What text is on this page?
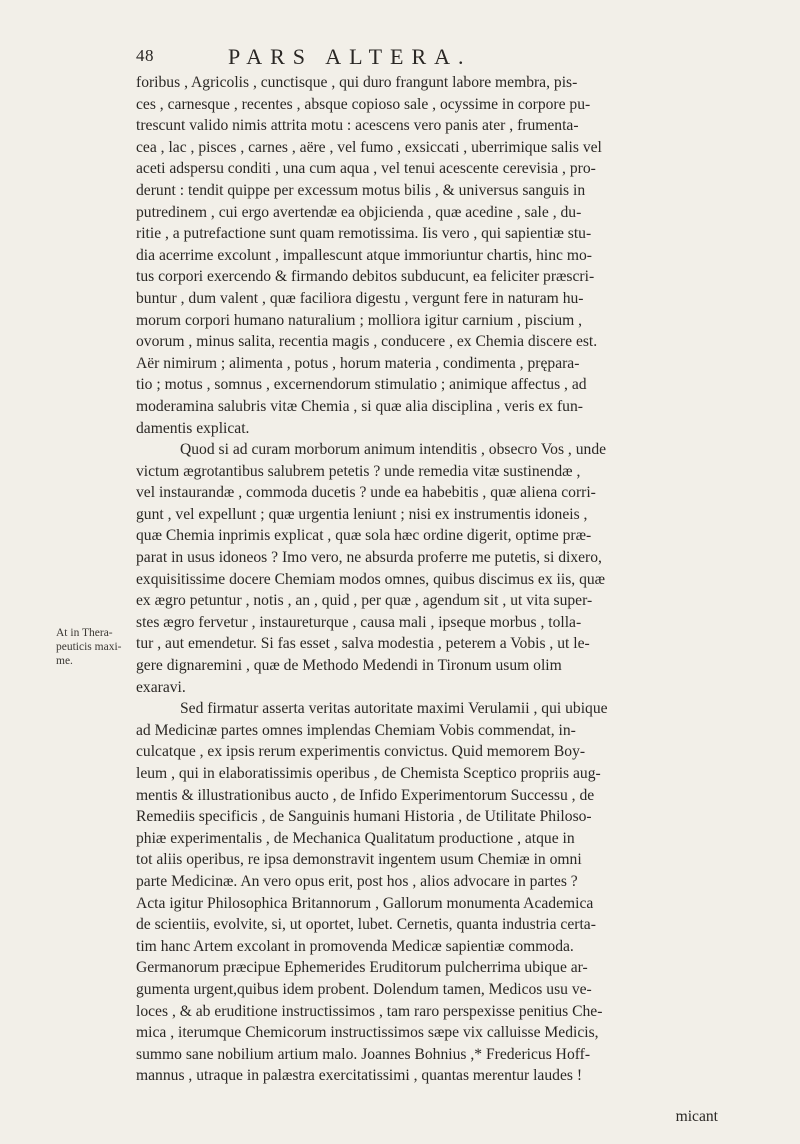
48	PARS ALTERA.
At in Thera-
peuticis maxi-
me.
foribus , Agricolis , cunctisque , qui duro frangunt labore membra, pis-
ces , carnesque , recentes , absque copioso sale , ocyssime in corpore pu-
trescunt valido nimis attrita motu : acescens vero panis ater , frumenta-
cea , lac , pisces , carnes , aëre , vel fumo , exsiccati , uberrimique salis vel
aceti adspersu conditi , una cum aqua , vel tenui acescente cerevisia , pro-
derunt : tendit quippe per excessum motus bilis , & universus sanguis in
putredinem , cui ergo avertendæ ea objicienda , quæ acedine , sale , du-
ritie , a putrefactione sunt quam remotissima. Iis vero , qui sapientiæ stu-
dia acerrime excolunt , impallescunt atque immoriuntur chartis, hinc mo-
tus corpori exercendo & firmando debitos subducunt, ea feliciter præscri-
buntur , dum valent , quæ faciliora digestu , vergunt fere in naturam hu-
morum corpori humano naturalium ; molliora igitur carnium , piscium ,
ovorum , minus salita, recentia magis , conducere , ex Chemia discere est.
Aër nimirum ; alimenta , potus , horum materia , condimenta , prępara-
tio ; motus , somnus , excernendorum stimulatio ; animique affectus , ad
moderamina salubris vitæ Chemia , si quæ alia disciplina , veris ex fun-
damentis explicat.
Quod si ad curam morborum animum intenditis , obsecro Vos , unde
victum ægrotantibus salubrem petetis ? unde remedia vitæ sustinendæ ,
vel instaurandæ , commoda ducetis ? unde ea habebitis , quæ aliena corri-
gunt , vel expellunt ; quæ urgentia leniunt ; nisi ex instrumentis idoneis ,
quæ Chemia inprimis explicat , quæ sola hæc ordine digerit, optime præ-
parat in usus idoneos ? Imo vero, ne absurda proferre me putetis, si dixero,
exquisitissime docere Chemiam modos omnes, quibus discimus ex iis, quæ
ex ægro petuntur , notis , an , quid , per quæ , agendum sit , ut vita super-
stes ægro fervetur , instaureturque , causa mali , ipseque morbus , tolla-
tur , aut emendetur. Si fas esset , salva modestia , peterem a Vobis , ut le-
gere dignaremini , quæ de Methodo Medendi in Tironum usum olim
exaravi.
Sed firmatur asserta veritas autoritate maximi Verulamii , qui ubique
ad Medicinæ partes omnes implendas Chemiam Vobis commendat, in-
culcatque , ex ipsis rerum experimentis convictus. Quid memorem Boy-
leum , qui in elaboratissimis operibus , de Chemista Sceptico propriis aug-
mentis & illustrationibus aucto , de Infido Experimentorum Successu , de
Remediis specificis , de Sanguinis humani Historia , de Utilitate Philoso-
phiæ experimentalis , de Mechanica Qualitatum productione , atque in
tot aliis operibus, re ipsa demonstravit ingentem usum Chemiæ in omni
parte Medicinæ. An vero opus erit, post hos , alios advocare in partes ?
Acta igitur Philosophica Britannorum , Gallorum monumenta Academica
de scientiis, evolvite, si, ut oportet, lubet. Cernetis, quanta industria certa-
tim hanc Artem excolant in promovenda Medicæ sapientiæ commoda.
Germanorum præcipue Ephemerides Eruditorum pulcherrima ubique ar-
gumenta urgent,quibus idem probent. Dolendum tamen, Medicos usu ve-
loces , & ab eruditione instructissimos , tam raro perspexisse penitius Che-
mica , iterumque Chemicorum instructissimos sæpe vix calluisse Medicis,
summo sane nobilium artium malo. Joannes Bohnius ,* Fredericus Hoff-
mannus , utraque in palæstra exercitatissimi , quantas merentur laudes !
micant
